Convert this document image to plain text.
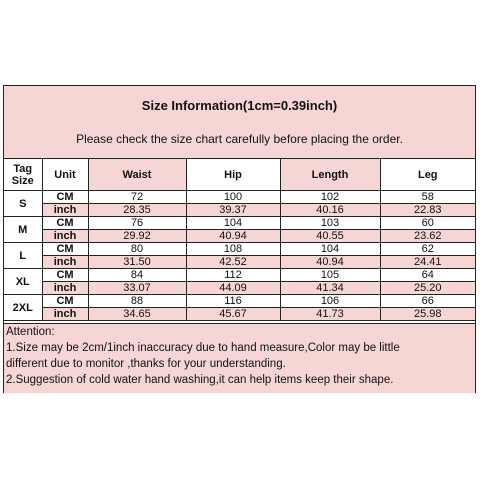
Size Information(1cm=0.39inch)
Please check the size chart carefully before placing the order.
Tag
Size	Unit	Waist	Hip	Length	Leg
S	CM	72	100	102	58
	inch	28.35	39.37	40.16	22.83
M	CM	76	104	103	60
	inch	29.92	40.94	40.55	23.62
L	CM	80	108	104	62
	inch	31.50	42.52	40.94	24.41
XL	CM	84	112	105	64
	inch	33.07	44.09	41.34	25.20
2XL	CM	88	116	106	66
	inch	34.65	45.67	41.73	25.98
Attention:
1.Size may be 2cm/1inch inaccuracy due to hand measure,Color may be little
different due to monitor ,thanks for your understanding.
2.Suggestion of cold water hand washing,it can help items keep their shape.
